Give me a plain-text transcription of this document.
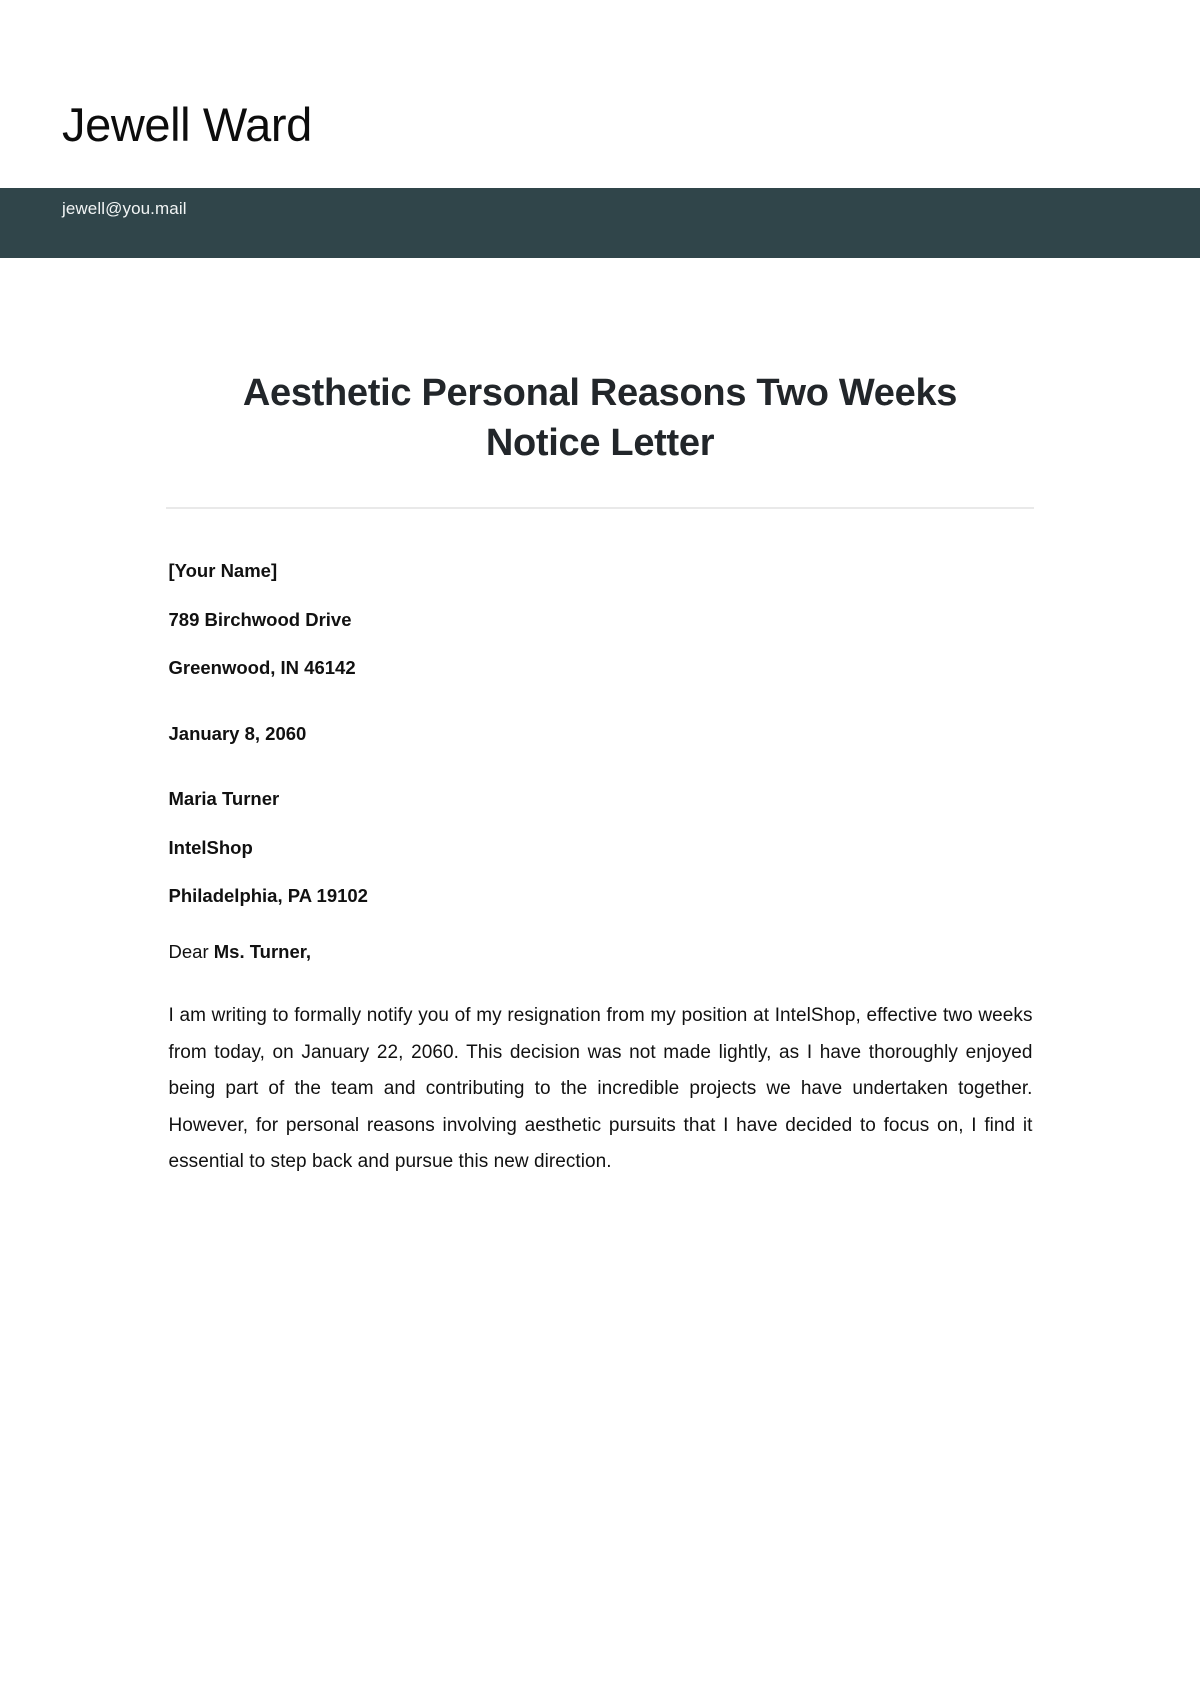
Jewell Ward
jewell@you.mail
Aesthetic Personal Reasons Two Weeks Notice Letter

[Your Name]

789 Birchwood Drive

Greenwood, IN 46142

January 8, 2060

Maria Turner

IntelShop

Philadelphia, PA 19102

Dear Ms. Turner,

I am writing to formally notify you of my resignation from my position at IntelShop, effective two weeks from today, on January 22, 2060. This decision was not made lightly, as I have thoroughly enjoyed being part of the team and contributing to the incredible projects we have undertaken together. However, for personal reasons involving aesthetic pursuits that I have decided to focus on, I find it essential to step back and pursue this new direction.
